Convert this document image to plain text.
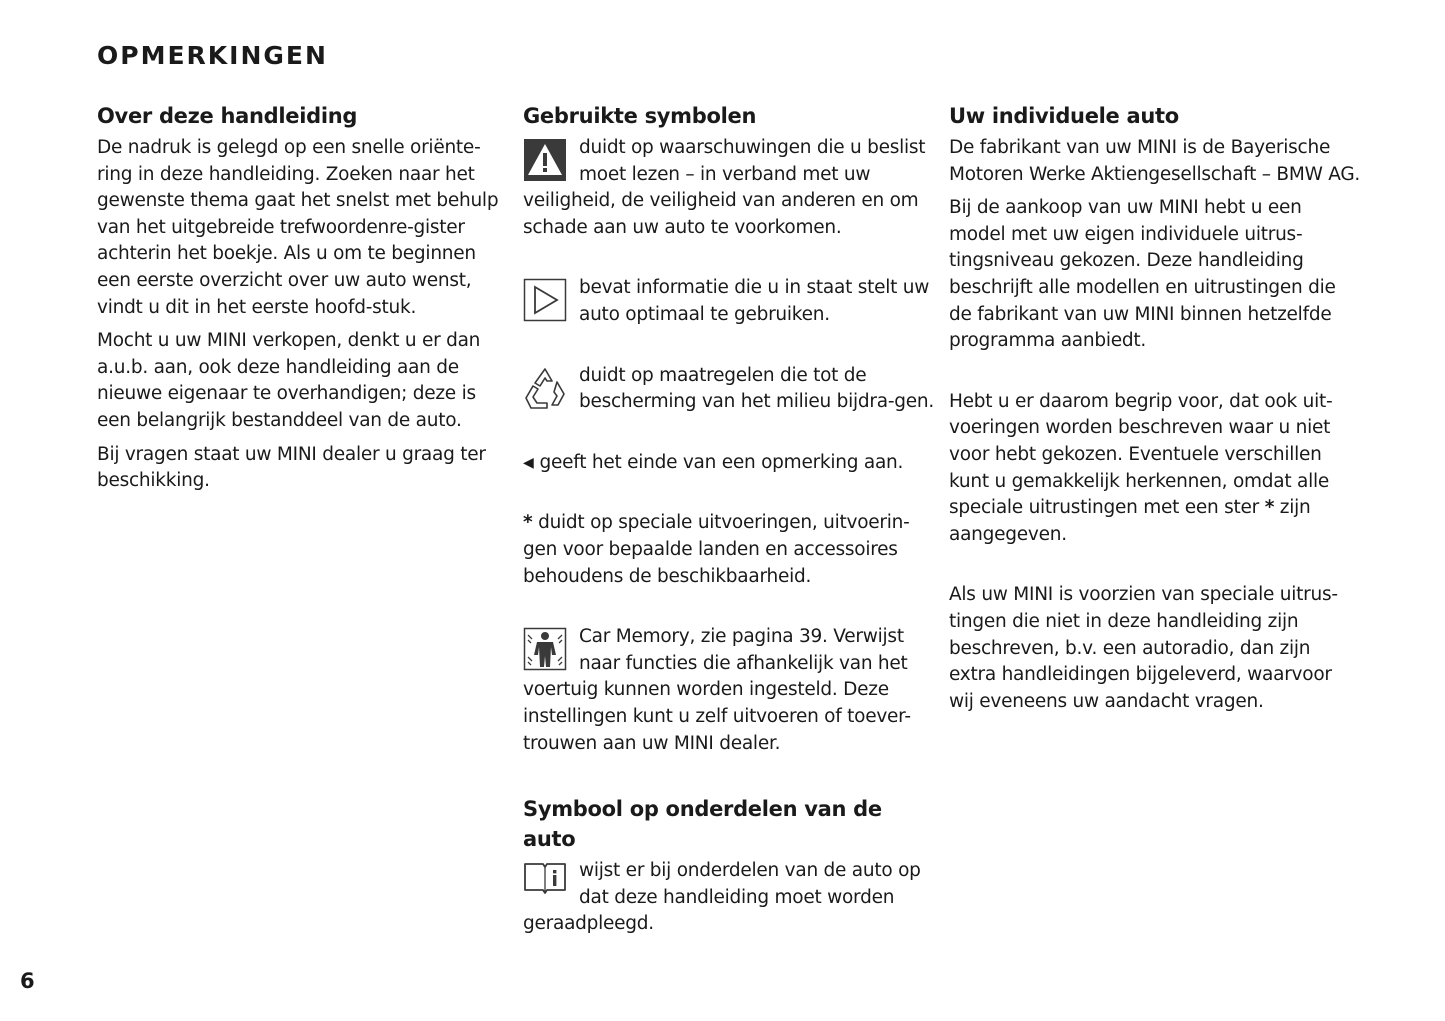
OPMERKINGEN
Over deze handleiding

De nadruk is gelegd op een snelle oriënte-ring in deze handleiding. Zoeken naar het gewenste thema gaat het snelst met behulp van het uitgebreide trefwoordenre-gister achterin het boekje. Als u om te beginnen een eerste overzicht over uw auto wenst, vindt u dit in het eerste hoofd-stuk.

Mocht u uw MINI verkopen, denkt u er dan a.u.b. aan, ook deze handleiding aan de nieuwe eigenaar te overhandigen; deze is een belangrijk bestanddeel van de auto.

Bij vragen staat uw MINI dealer u graag ter beschikking.

Gebruikte symbolen

duidt op waarschuwingen die u beslist moet lezen – in verband met uw veiligheid, de veiligheid van anderen en om schade aan uw auto te voorkomen.

bevat informatie die u in staat stelt uw auto optimaal te gebruiken.

duidt op maatregelen die tot de bescherming van het milieu bijdra-gen.

◀ geeft het einde van een opmerking aan.

* duidt op speciale uitvoeringen, uitvoerin-gen voor bepaalde landen en accessoires behoudens de beschikbaarheid.

Car Memory, zie pagina 39. Verwijst naar functies die afhankelijk van het voertuig kunnen worden ingesteld. Deze instellingen kunt u zelf uitvoeren of toever-trouwen aan uw MINI dealer.

Symbool op onderdelen van de auto

wijst er bij onderdelen van de auto op dat deze handleiding moet worden geraadpleegd.

Uw individuele auto

De fabrikant van uw MINI is de Bayerische Motoren Werke Aktiengesellschaft – BMW AG.

Bij de aankoop van uw MINI hebt u een model met uw eigen individuele uitrus-tingsniveau gekozen. Deze handleiding beschrijft alle modellen en uitrustingen die de fabrikant van uw MINI binnen hetzelfde programma aanbiedt.

Hebt u er daarom begrip voor, dat ook uit-voeringen worden beschreven waar u niet voor hebt gekozen. Eventuele verschillen kunt u gemakkelijk herkennen, omdat alle speciale uitrustingen met een ster * zijn aangegeven.

Als uw MINI is voorzien van speciale uitrus-tingen die niet in deze handleiding zijn beschreven, b.v. een autoradio, dan zijn extra handleidingen bijgeleverd, waarvoor wij eveneens uw aandacht vragen.

6
